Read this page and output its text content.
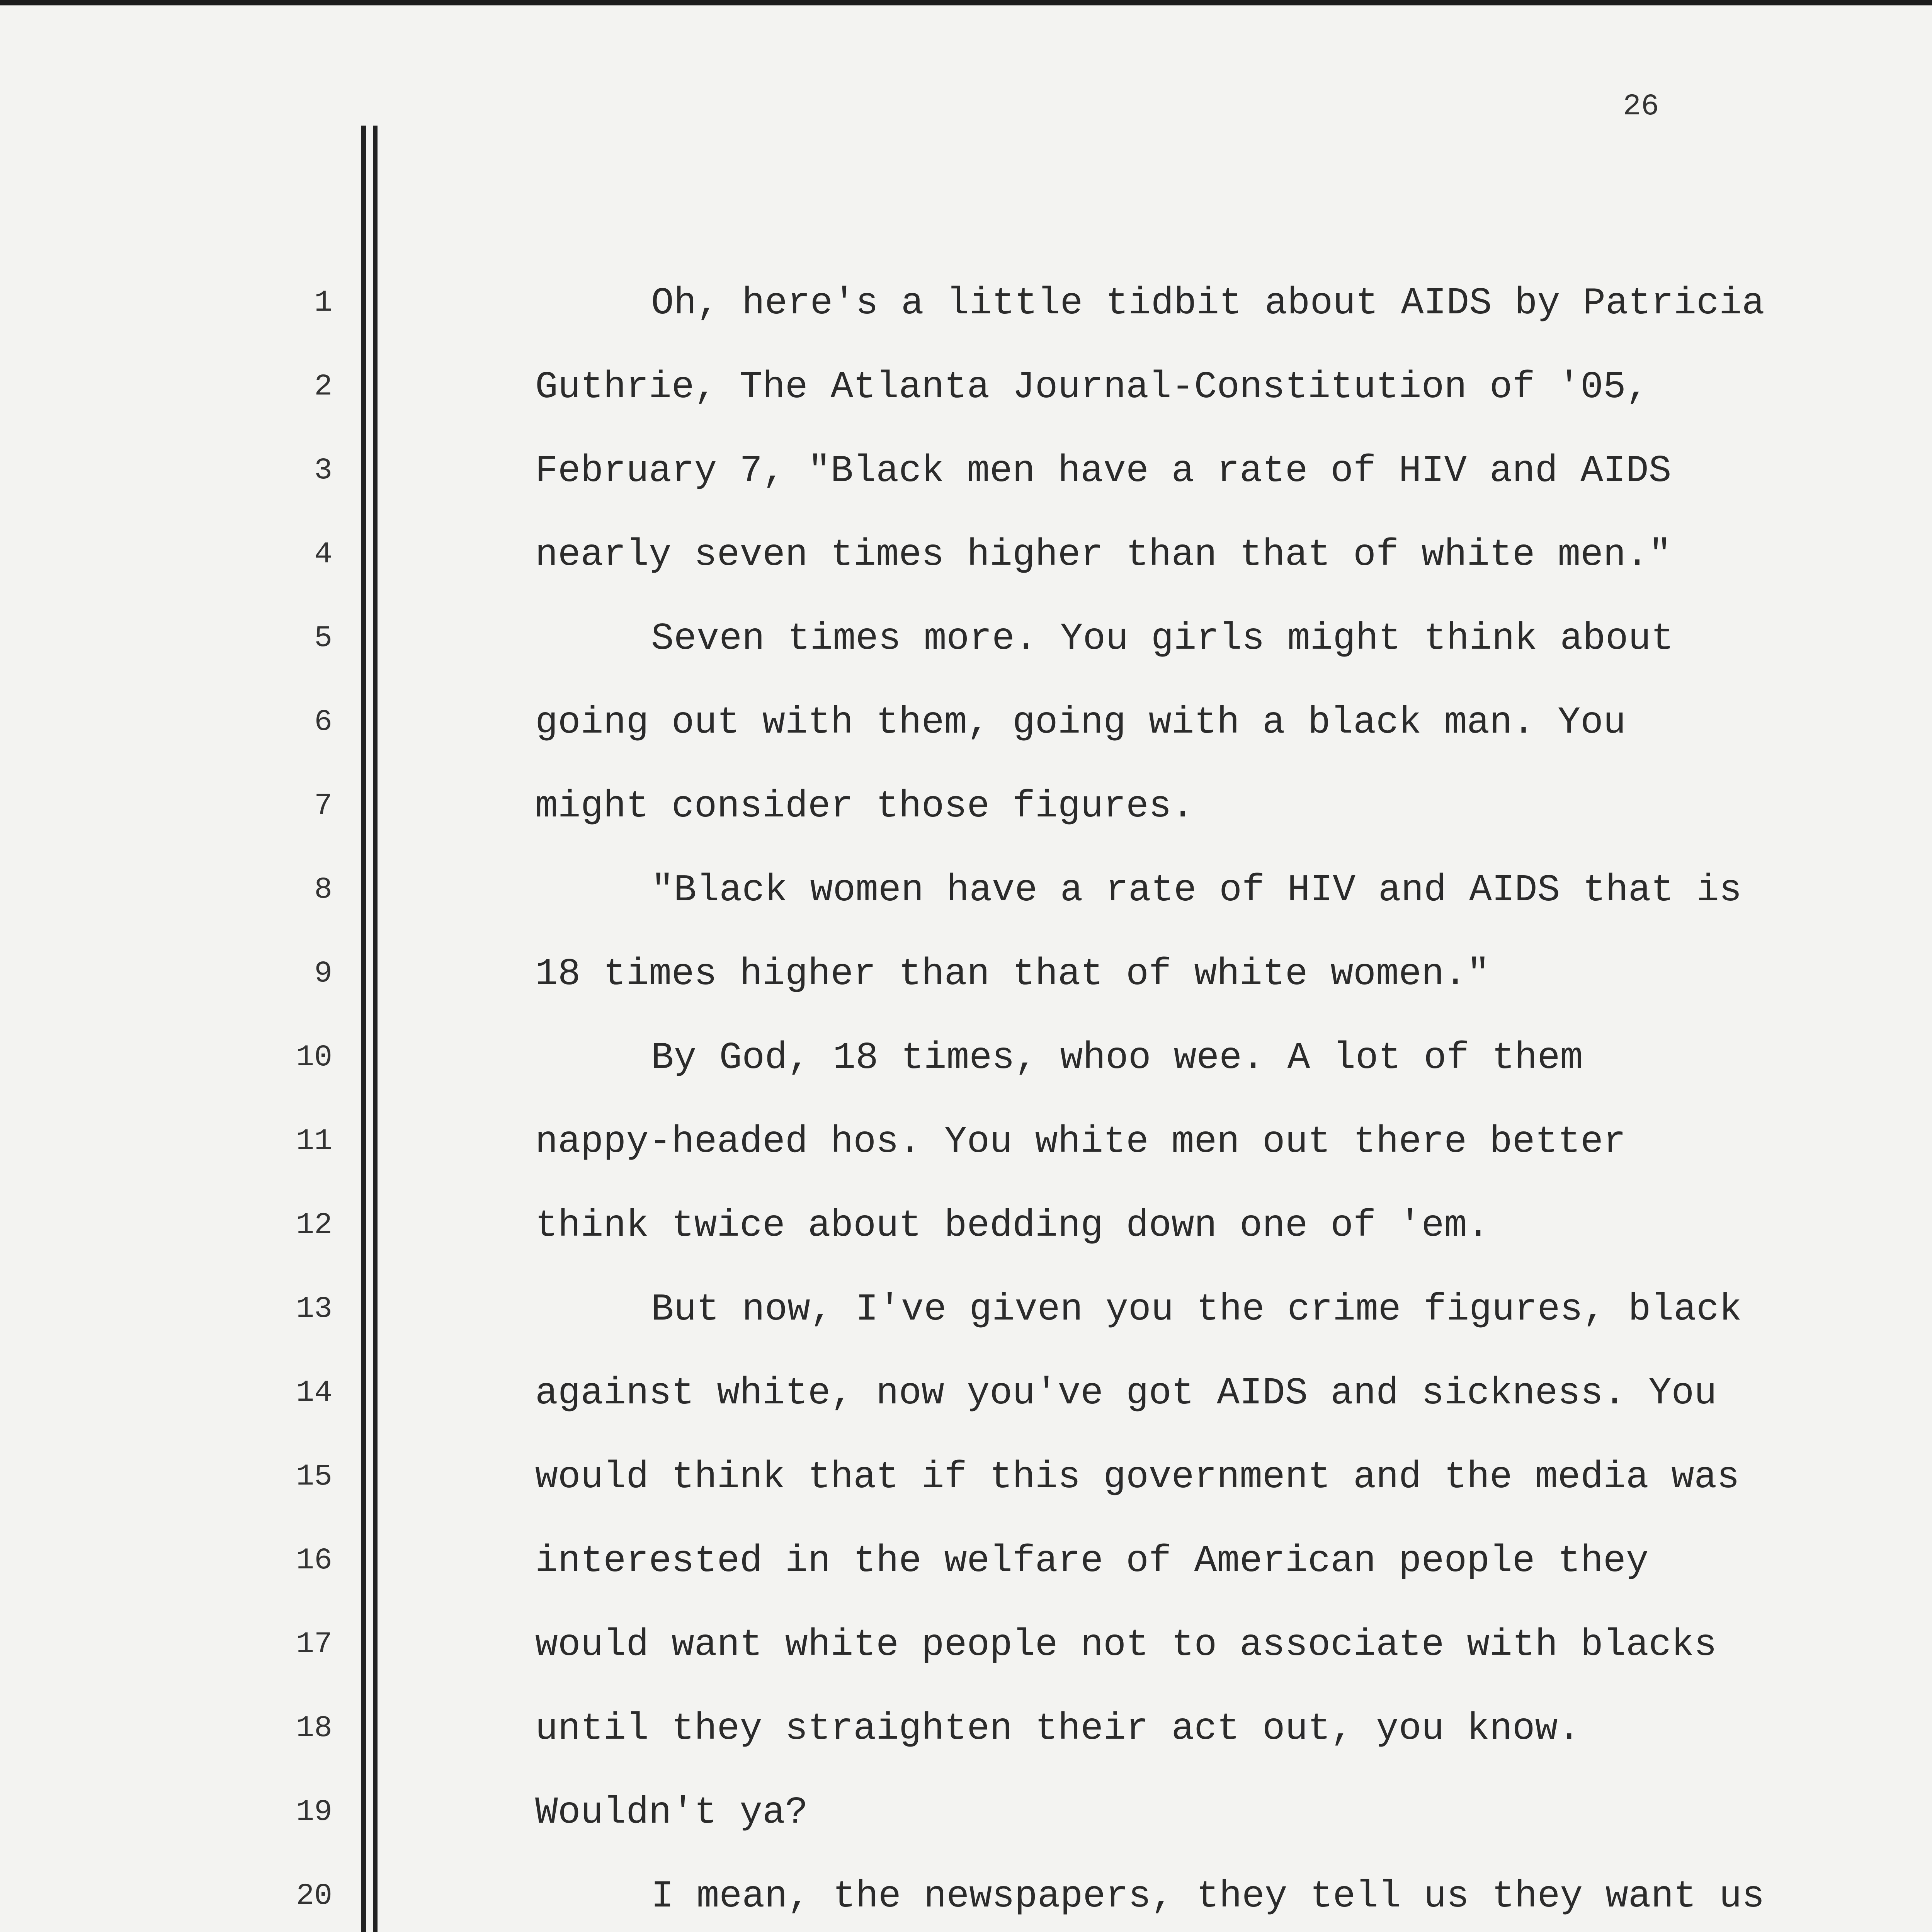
26
1
2
3
4
5
6
7
8
9
10
11
12
13
14
15
16
17
18
19
20
Oh, here's a little tidbit about AIDS by Patricia
Guthrie, The Atlanta Journal-Constitution of '05,
February 7, "Black men have a rate of HIV and AIDS
nearly seven times higher than that of white men."
Seven times more. You girls might think about
going out with them, going with a black man. You
might consider those figures.
"Black women have a rate of HIV and AIDS that is
18 times higher than that of white women."
By God, 18 times, whoo wee. A lot of them
nappy-headed hos. You white men out there better
think twice about bedding down one of 'em.
But now, I've given you the crime figures, black
against white, now you've got AIDS and sickness. You
would think that if this government and the media was
interested in the welfare of American people they
would want white people not to associate with blacks
until they straighten their act out, you know.
Wouldn't ya?
I mean, the newspapers, they tell us they want us
